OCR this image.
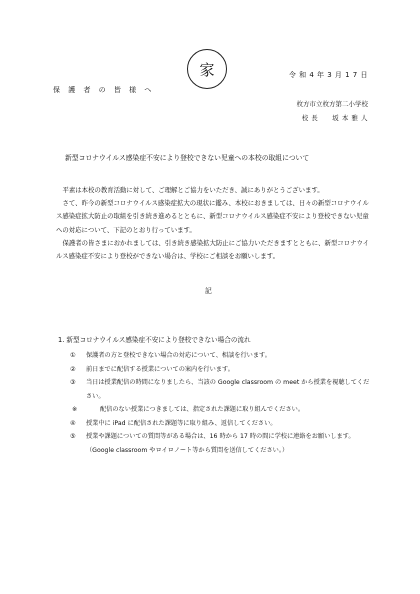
家	令 和 4 年 3 月 1 7 日
保 護 者 の 皆 様 へ
枚方市立枚方第二小学校
校 長　　坂 本 雅 人
新型コロナウイルス感染症不安により登校できない児童への本校の取組について

平素は本校の教育活動に対して、ご理解とご協力をいただき、誠にありがとうございます。

さて、昨今の新型コロナウイルス感染症拡大の現状に鑑み、本校におきましては、日々の新型コロナウイルス感染症拡大防止の取組を引き続き進めるとともに、新型コロナウイルス感染症不安により登校できない児童への対応について、下記のとおり行っています。

保護者の皆さまにおかれましては、引き続き感染拡大防止にご協力いただきますとともに、新型コロナウイルス感染症不安により登校ができない場合は、学校にご相談をお願いします。

記
1. 新型コロナウイルス感染症不安により登校できない場合の流れ
①	保護者の方と登校できない場合の対応について、相談を行います。
②	前日までに配信する授業についての案内を行います。
③	当日は授業配信の時間になりましたら、当該の Google classroom の meet から授業を視聴してください。
※	配信のない授業につきましては、指定された課題に取り組んでください。
④	授業中に iPad に配信された課題等に取り組み、返信してください。
⑤	授業や課題についての質問等がある場合は、16 時から 17 時の間に学校に連絡をお願いします。（Google classroom やロイロノート等から質問を送信してください。）
